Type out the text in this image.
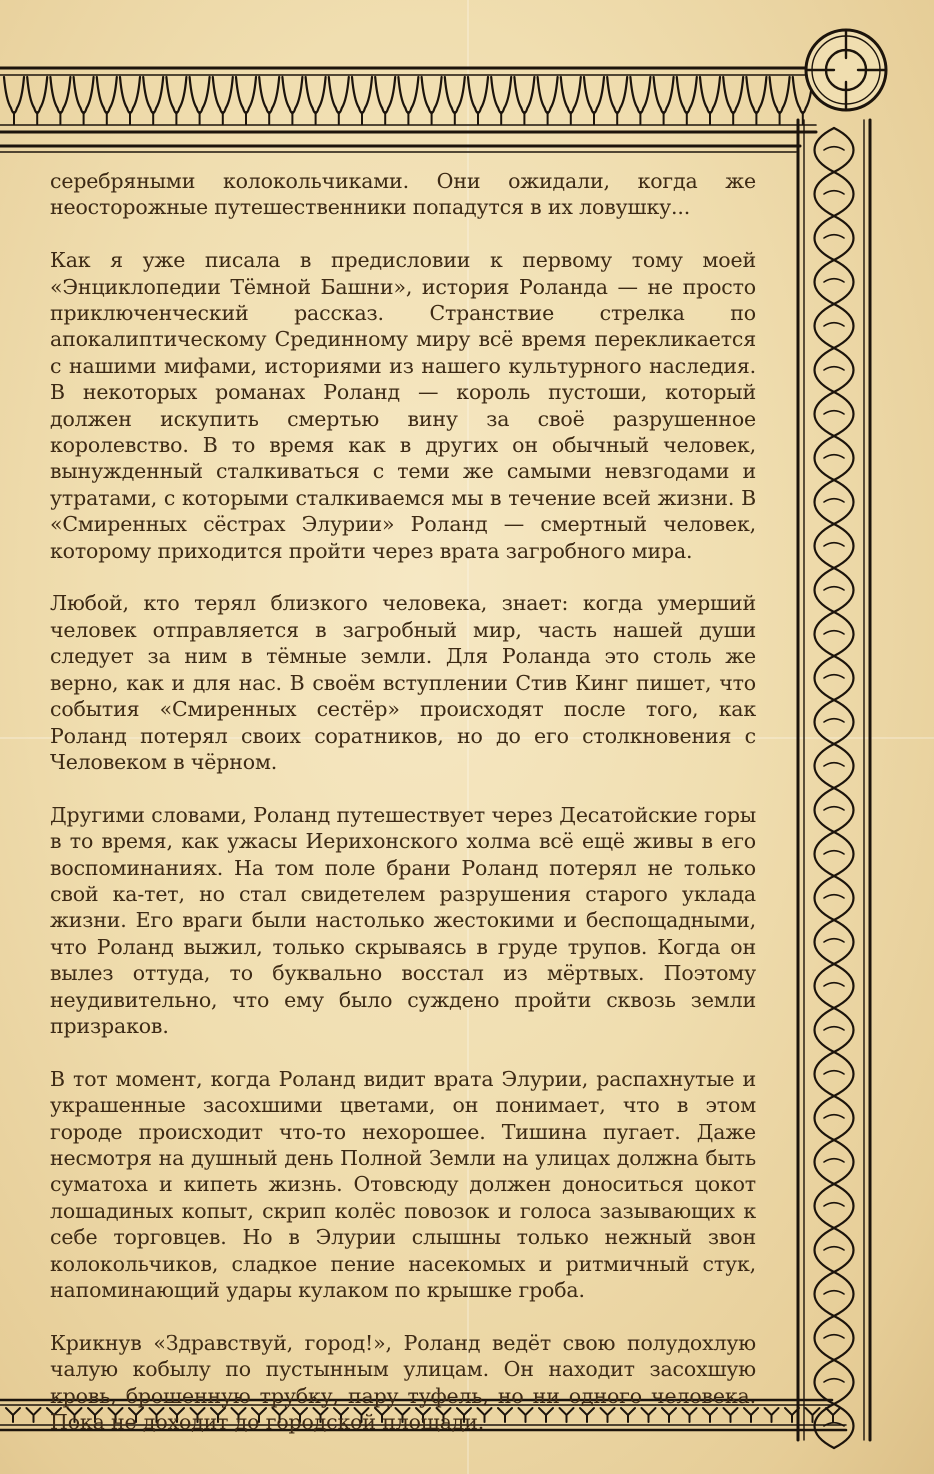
серебряными колокольчиками. Они ожидали, когда же неосторожные путешественники попадутся в их ловушку...

Как я уже писала в предисловии к первому тому моей «Энциклопедии Тёмной Башни», история Роланда — не просто приключенческий рассказ. Странствие стрелка по апокалиптическому Срединному миру всё время перекликается с нашими мифами, историями из нашего культурного наследия. В некоторых романах Роланд — король пустоши, который должен искупить смертью вину за своё разрушенное королевство. В то время как в других он обычный человек, вынужденный сталкиваться с теми же самыми невзгодами и утратами, с которыми сталкиваемся мы в течение всей жизни. В «Смиренных сёстрах Элурии» Роланд — смертный человек, которому приходится пройти через врата загробного мира.

Любой, кто терял близкого человека, знает: когда умерший человек отправляется в загробный мир, часть нашей души следует за ним в тёмные земли. Для Роланда это столь же верно, как и для нас. В своём вступлении Стив Кинг пишет, что события «Смиренных сестёр» происходят после того, как Роланд потерял своих соратников, но до его столкновения с Человеком в чёрном.

Другими словами, Роланд путешествует через Десатойские горы в то время, как ужасы Иерихонского холма всё ещё живы в его воспоминаниях. На том поле брани Роланд потерял не только свой ка-тет, но стал свидетелем разрушения старого уклада жизни. Его враги были настолько жестокими и беспощадными, что Роланд выжил, только скрываясь в груде трупов. Когда он вылез оттуда, то буквально восстал из мёртвых. Поэтому неудивительно, что ему было суждено пройти сквозь земли призраков.

В тот момент, когда Роланд видит врата Элурии, распахнутые и украшенные засохшими цветами, он понимает, что в этом городе происходит что-то нехорошее. Тишина пугает. Даже несмотря на душный день Полной Земли на улицах должна быть суматоха и кипеть жизнь. Отовсюду должен доноситься цокот лошадиных копыт, скрип колёс повозок и голоса зазывающих к себе торговцев. Но в Элурии слышны только нежный звон колокольчиков, сладкое пение насекомых и ритмичный стук, напоминающий удары кулаком по крышке гроба.

Крикнув «Здравствуй, город!», Роланд ведёт свою полудохлую чалую кобылу по пустынным улицам. Он находит засохшую кровь, брошенную трубку, пару туфель, но ни одного человека. Пока не доходит до городской площади.
